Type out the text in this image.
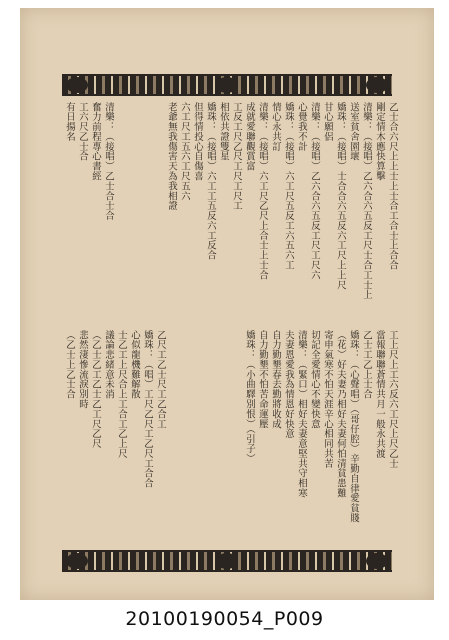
乙士合六尺上上士上士合工合士上合合

剛定情木應快算擊

清樂：（接唱）乙六合六五反工尺士合工士上

送室貧舍園壞

嬌珠：（接唱）士合合六五反六工尺上上尺

甘心願侶

清樂：（接唱）乙六合六五反工尺工尺六

心覺我不計

嬌珠：（接唱）六工尺五反工六五六工

情心永共訂

清樂：（接唱）六工尺乙尺上合士上士合

成就愛聯觀賞富

工反工尺乙尺工尺工尺工

相依共證雙星

嬌珠：（接唱）六工工五反六工反合

但得情投心自傷喜

六工尺工五六工尺五六

老爺無我傷害天為我相證

清樂：（接唱）乙士合士合

奮力前程專心書經

工六尺乙士合

有日揚名

工上尺上工六反六工尺上尺乙士

當報聯聯蒼情共月一般永共渡

乙士工乙上士合

嬌珠：（心聲唱）（哥仔腔）辛勤自律愛貧賤

（花）好夫妻乃相好夫妻何怕清貧患難

寄申氣寒不怕天涯辛心相同共苦

切記全愛情心不變快意

清樂：（緊口）相好夫妻意堅共守相寒

夫妻恩愛我為情恩好快意

自力勤墾春去勤將收成

自力勤墾不怕苦命運壓

嬌珠：（小曲驛別恨）（引子）

乙尺工乙士尺工乙合工

嬌珠：（唱）工尺乙尺工乙尺工合合

心似龍機難解散

士乙工上尺合上工合工乙上尺

議論悲緒意未消

（乙士乙工乙士乙工尺乙尺

悲然淒慘流淚別時

（乙士上乙士合

20100190054_P009
